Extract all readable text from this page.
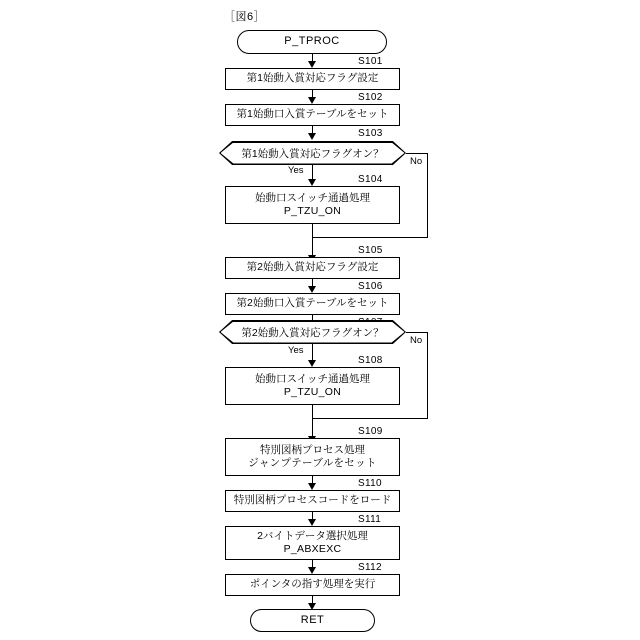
［図6］
P_TPROC
S101
第1始動入賞対応フラグ設定
S102
第1始動口入賞テーブルをセット
S103
第1始動入賞対応フラグオン？
Yes
No
S104
始動口スイッチ通過処理
P_TZU_ON
S105
第2始動入賞対応フラグ設定
S106
第2始動口入賞テーブルをセット
第2始動入賞対応フラグオン？
Yes
No
S108
始動口スイッチ通過処理
P_TZU_ON
S109
特別図柄プロセス処理
ジャンプテーブルをセット
S110
特別図柄プロセスコードをロード
S111
2バイトデータ選択処理
P_ABXEXC
S112
ポインタの指す処理を実行
RET
